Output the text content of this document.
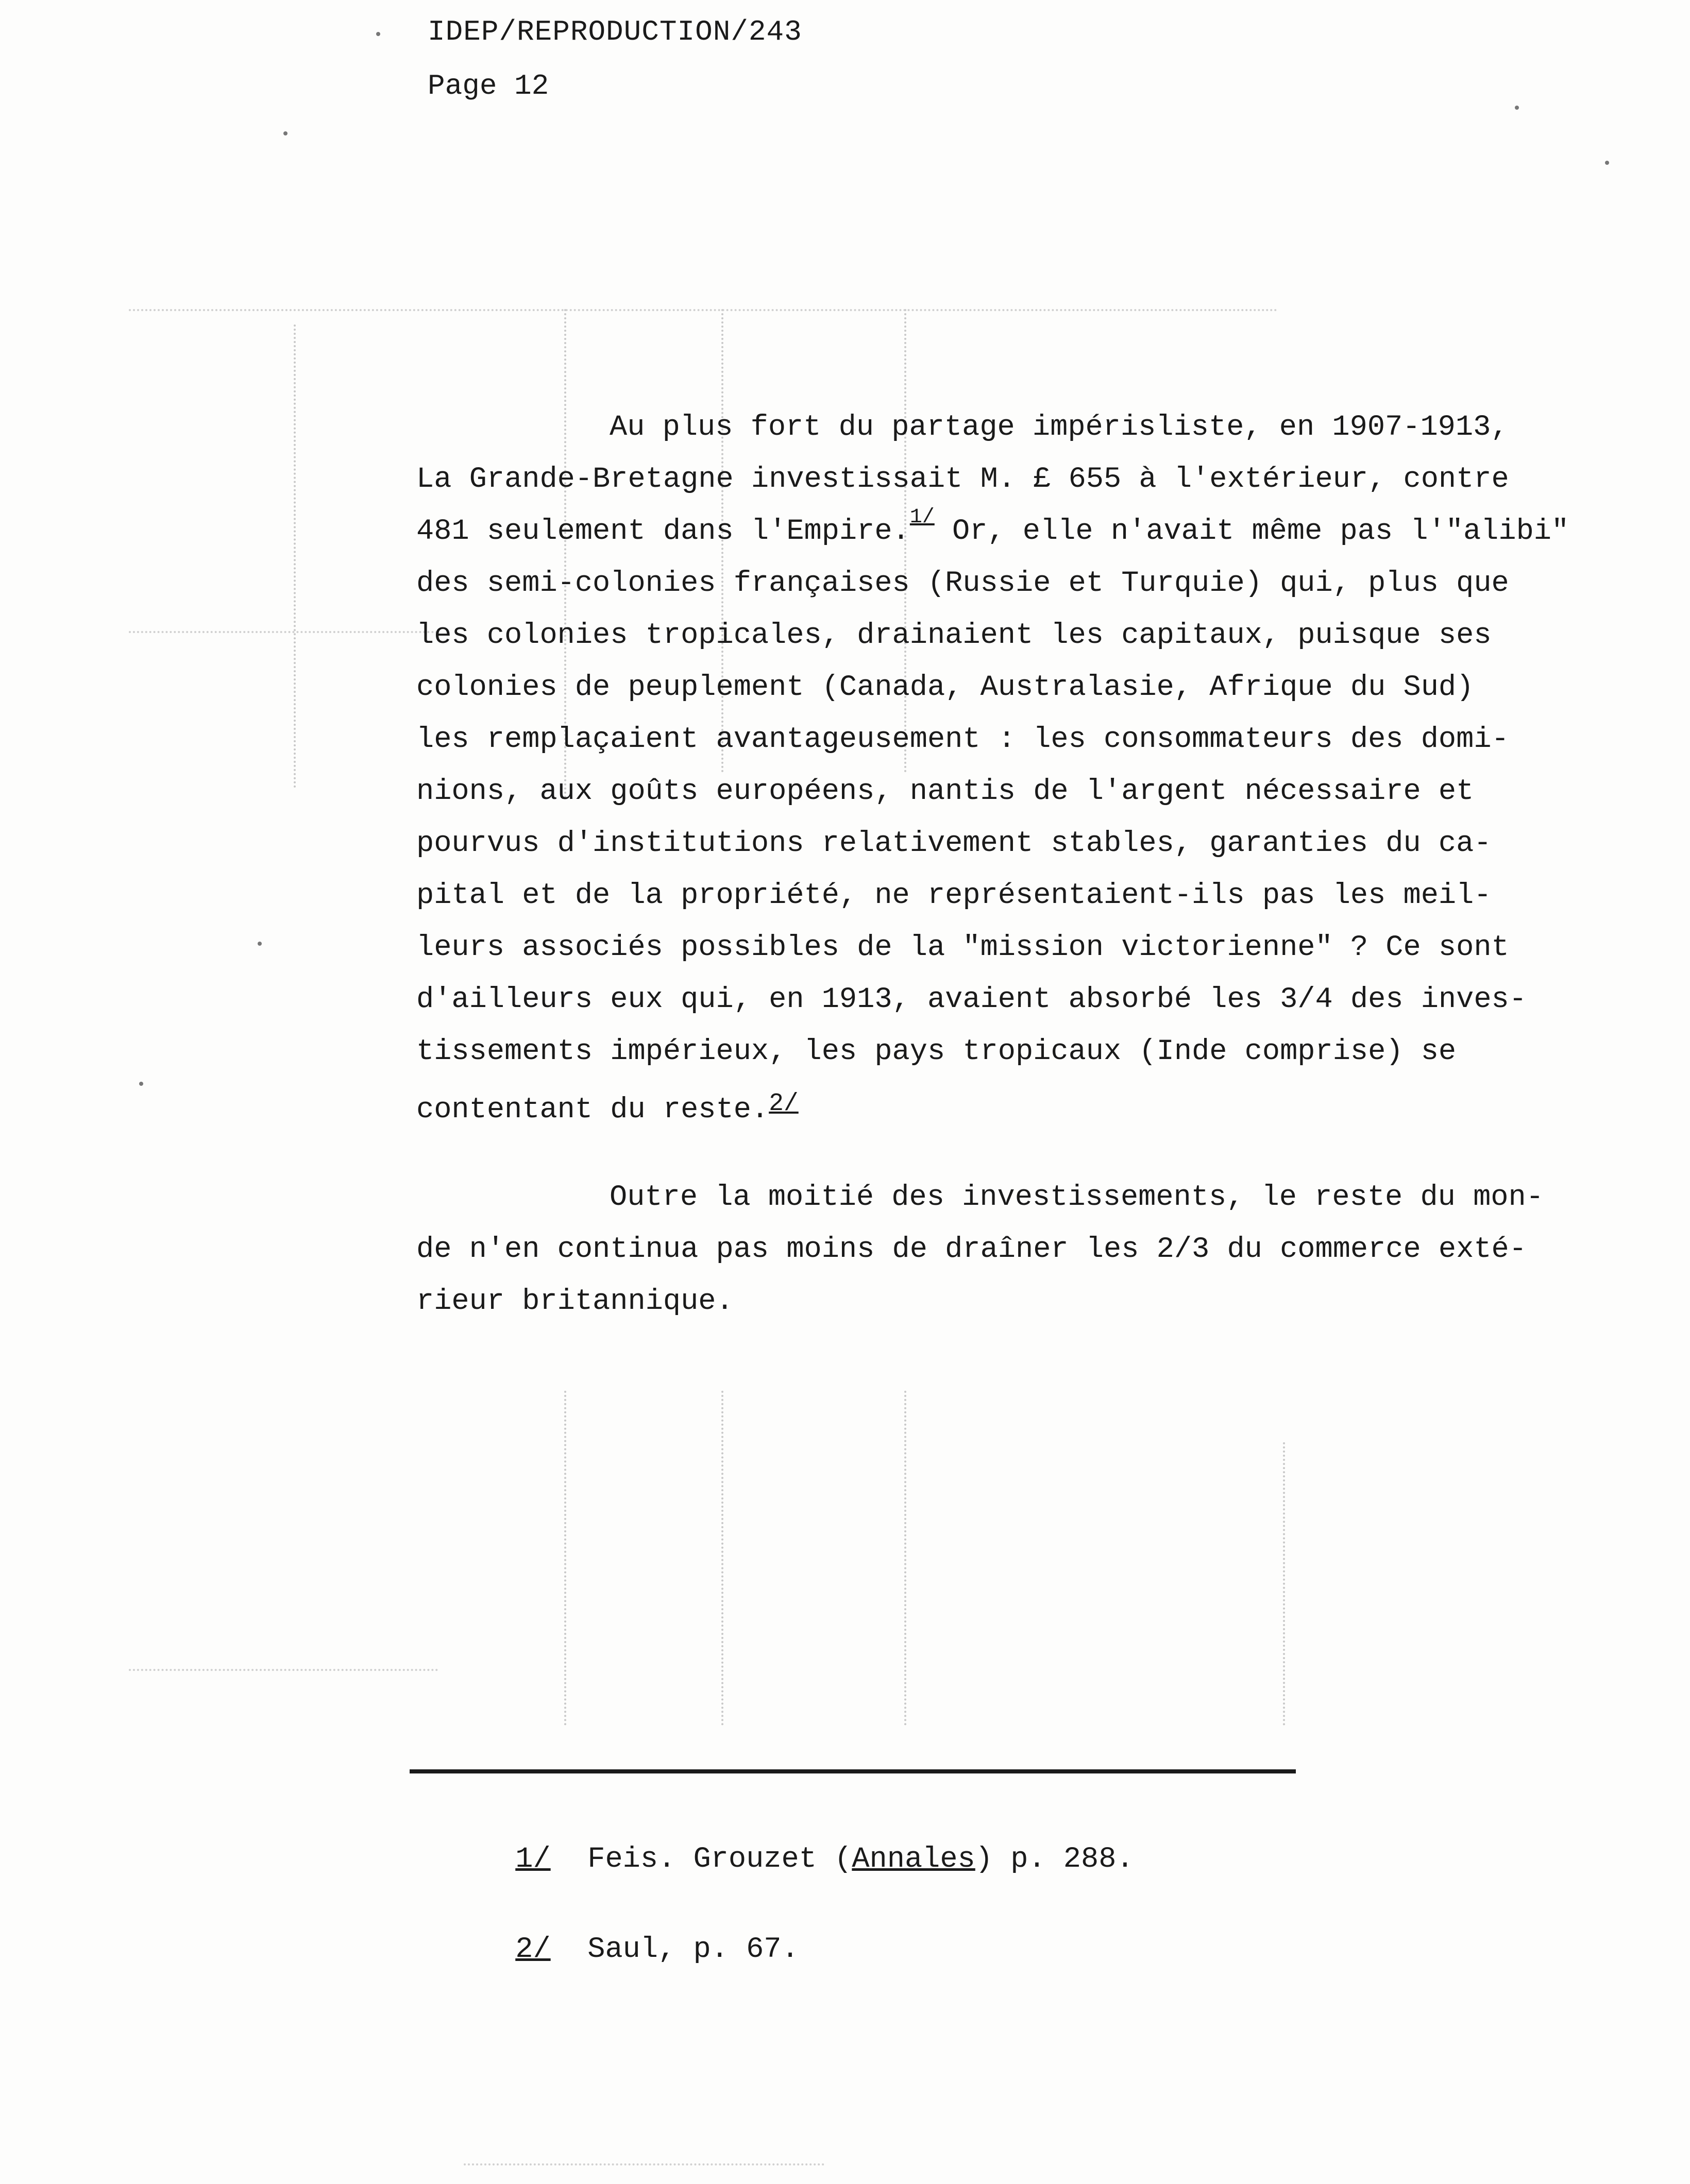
IDEP/REPRODUCTION/243
Page 12
Au plus fort du partage impérisliste, en 1907-1913,
La Grande-Bretagne investissait M. £ 655 à l'extérieur, contre
481 seulement dans l'Empire.$^{1/}$ Or, elle n'avait même pas l'"alibi"
des semi-colonies françaises (Russie et Turquie) qui, plus que
les colonies tropicales, drainaient les capitaux, puisque ses
colonies de peuplement (Canada, Australasie, Afrique du Sud)
les remplaçaient avantageusement : les consommateurs des domi-
nions, aux goûts européens, nantis de l'argent nécessaire et
pourvus d'institutions relativement stables, garanties du ca-
pital et de la propriété, ne représentaient-ils pas les meil-
leurs associés possibles de la "mission victorienne" ? Ce sont
d'ailleurs eux qui, en 1913, avaient absorbé les 3/4 des inves-
tissements impérieux, les pays tropicaux (Inde comprise) se
contentant du reste.$^{2/}$
Outre la moitié des investissements, le reste du mon-
de n'en continua pas moins de draîner les 2/3 du commerce exté-
rieur britannique.

1/ Feis. Grouzet (Annales) p. 288.

2/ Saul, p. 67.
